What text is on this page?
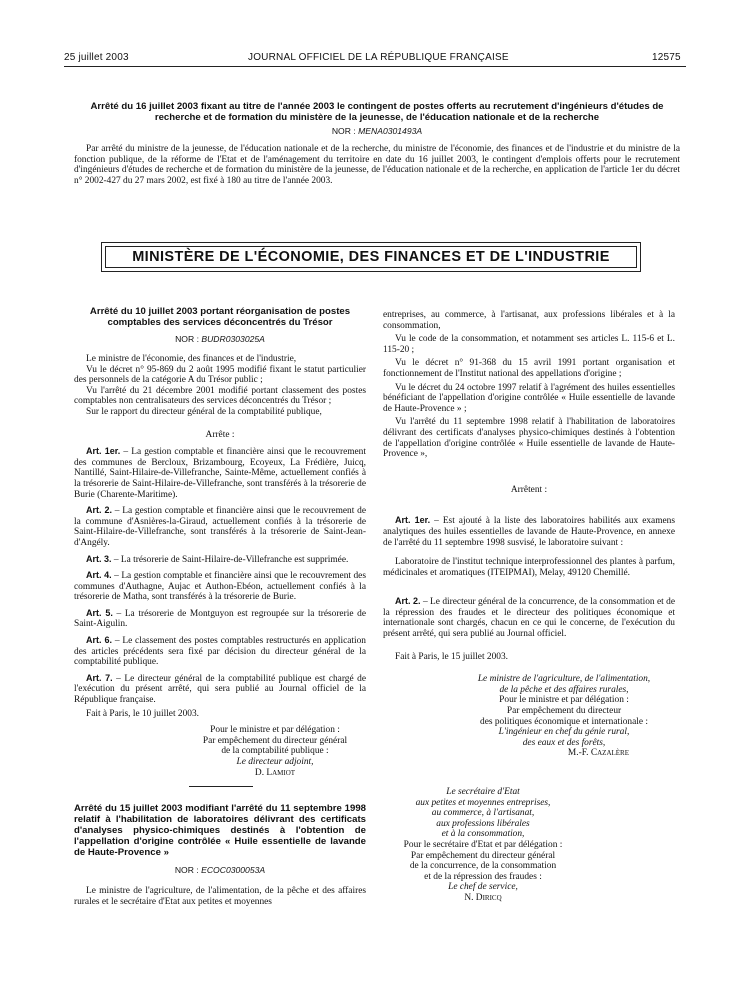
25 juillet 2003	JOURNAL OFFICIEL DE LA RÉPUBLIQUE FRANÇAISE	12575
Arrêté du 16 juillet 2003 fixant au titre de l'année 2003 le contingent de postes offerts au recrutement d'ingénieurs d'études de recherche et de formation du ministère de la jeunesse, de l'éducation nationale et de la recherche
NOR : MENA0301493A

Par arrêté du ministre de la jeunesse, de l'éducation nationale et de la recherche, du ministre de l'économie, des finances et de l'industrie et du ministre de la fonction publique, de la réforme de l'Etat et de l'aménagement du territoire en date du 16 juillet 2003, le contingent d'emplois offerts pour le recrutement d'ingénieurs d'études de recherche et de formation du ministère de la jeunesse, de l'éducation nationale et de la recherche, en application de l'article 1er du décret n° 2002-427 du 27 mars 2002, est fixé à 180 au titre de l'année 2003.

MINISTÈRE DE L'ÉCONOMIE, DES FINANCES ET DE L'INDUSTRIE
Arrêté du 10 juillet 2003 portant réorganisation de postes comptables des services déconcentrés du Trésor
NOR : BUDR0303025A

Le ministre de l'économie, des finances et de l'industrie,

Vu le décret n° 95-869 du 2 août 1995 modifié fixant le statut particulier des personnels de la catégorie A du Trésor public ;

Vu l'arrêté du 21 décembre 2001 modifié portant classement des postes comptables non centralisateurs des services déconcentrés du Trésor ;

Sur le rapport du directeur général de la comptabilité publique,

Arrête :

Art. 1er. – La gestion comptable et financière ainsi que le recouvrement des communes de Bercloux, Brizambourg, Ecoyeux, La Frédière, Juicq, Nantillé, Saint-Hilaire-de-Villefranche, Sainte-Même, actuellement confiés à la trésorerie de Saint-Hilaire-de-Villefranche, sont transférés à la trésorerie de Burie (Charente-Maritime).

Art. 2. – La gestion comptable et financière ainsi que le recouvrement de la commune d'Asnières-la-Giraud, actuellement confiés à la trésorerie de Saint-Hilaire-de-Villefranche, sont transférés à la trésorerie de Saint-Jean-d'Angély.

Art. 3. – La trésorerie de Saint-Hilaire-de-Villefranche est supprimée.

Art. 4. – La gestion comptable et financière ainsi que le recouvrement des communes d'Authagne, Aujac et Authon-Ebéon, actuellement confiés à la trésorerie de Matha, sont transférés à la trésorerie de Burie.

Art. 5. – La trésorerie de Montguyon est regroupée sur la trésorerie de Saint-Aigulin.

Art. 6. – Le classement des postes comptables restructurés en application des articles précédents sera fixé par décision du directeur général de la comptabilité publique.

Art. 7. – Le directeur général de la comptabilité publique est chargé de l'exécution du présent arrêté, qui sera publié au Journal officiel de la République française.

Fait à Paris, le 10 juillet 2003.

Pour le ministre et par délégation :
Par empêchement du directeur général
de la comptabilité publique :
Le directeur adjoint,
D. Lamiot
Arrêté du 15 juillet 2003 modifiant l'arrêté du 11 septembre 1998 relatif à l'habilitation de laboratoires délivrant des certificats d'analyses physico-chimiques destinés à l'obtention de l'appellation d'origine contrôlée « Huile essentielle de lavande de Haute-Provence »
NOR : ECOC0300053A

Le ministre de l'agriculture, de l'alimentation, de la pêche et des affaires rurales et le secrétaire d'Etat aux petites et moyennes

entreprises, au commerce, à l'artisanat, aux professions libérales et à la consommation,

Vu le code de la consommation, et notamment ses articles L. 115-6 et L. 115-20 ;

Vu le décret n° 91-368 du 15 avril 1991 portant organisation et fonctionnement de l'Institut national des appellations d'origine ;

Vu le décret du 24 octobre 1997 relatif à l'agrément des huiles essentielles bénéficiant de l'appellation d'origine contrôlée « Huile essentielle de lavande de Haute-Provence » ;

Vu l'arrêté du 11 septembre 1998 relatif à l'habilitation de laboratoires délivrant des certificats d'analyses physico-chimiques destinés à l'obtention de l'appellation d'origine contrôlée « Huile essentielle de lavande de Haute-Provence »,

Arrêtent :

Art. 1er. – Est ajouté à la liste des laboratoires habilités aux examens analytiques des huiles essentielles de lavande de Haute-Provence, en annexe de l'arrêté du 11 septembre 1998 susvisé, le laboratoire suivant :

Laboratoire de l'institut technique interprofessionnel des plantes à parfum, médicinales et aromatiques (ITEIPMAI), Melay, 49120 Chemillé.

Art. 2. – Le directeur général de la concurrence, de la consommation et de la répression des fraudes et le directeur des politiques économique et internationale sont chargés, chacun en ce qui le concerne, de l'exécution du présent arrêté, qui sera publié au Journal officiel.

Fait à Paris, le 15 juillet 2003.

Le ministre de l'agriculture, de l'alimentation,
de la pêche et des affaires rurales,
Pour le ministre et par délégation :
Par empêchement du directeur
des politiques économique et internationale :
L'ingénieur en chef du génie rural,
des eaux et des forêts,
M.-F. Cazalère
Le secrétaire d'Etat
aux petites et moyennes entreprises,
au commerce, à l'artisanat,
aux professions libérales
et à la consommation,
Pour le secrétaire d'Etat et par délégation :
Par empêchement du directeur général
de la concurrence, de la consommation
et de la répression des fraudes :
Le chef de service,
N. Diricq
